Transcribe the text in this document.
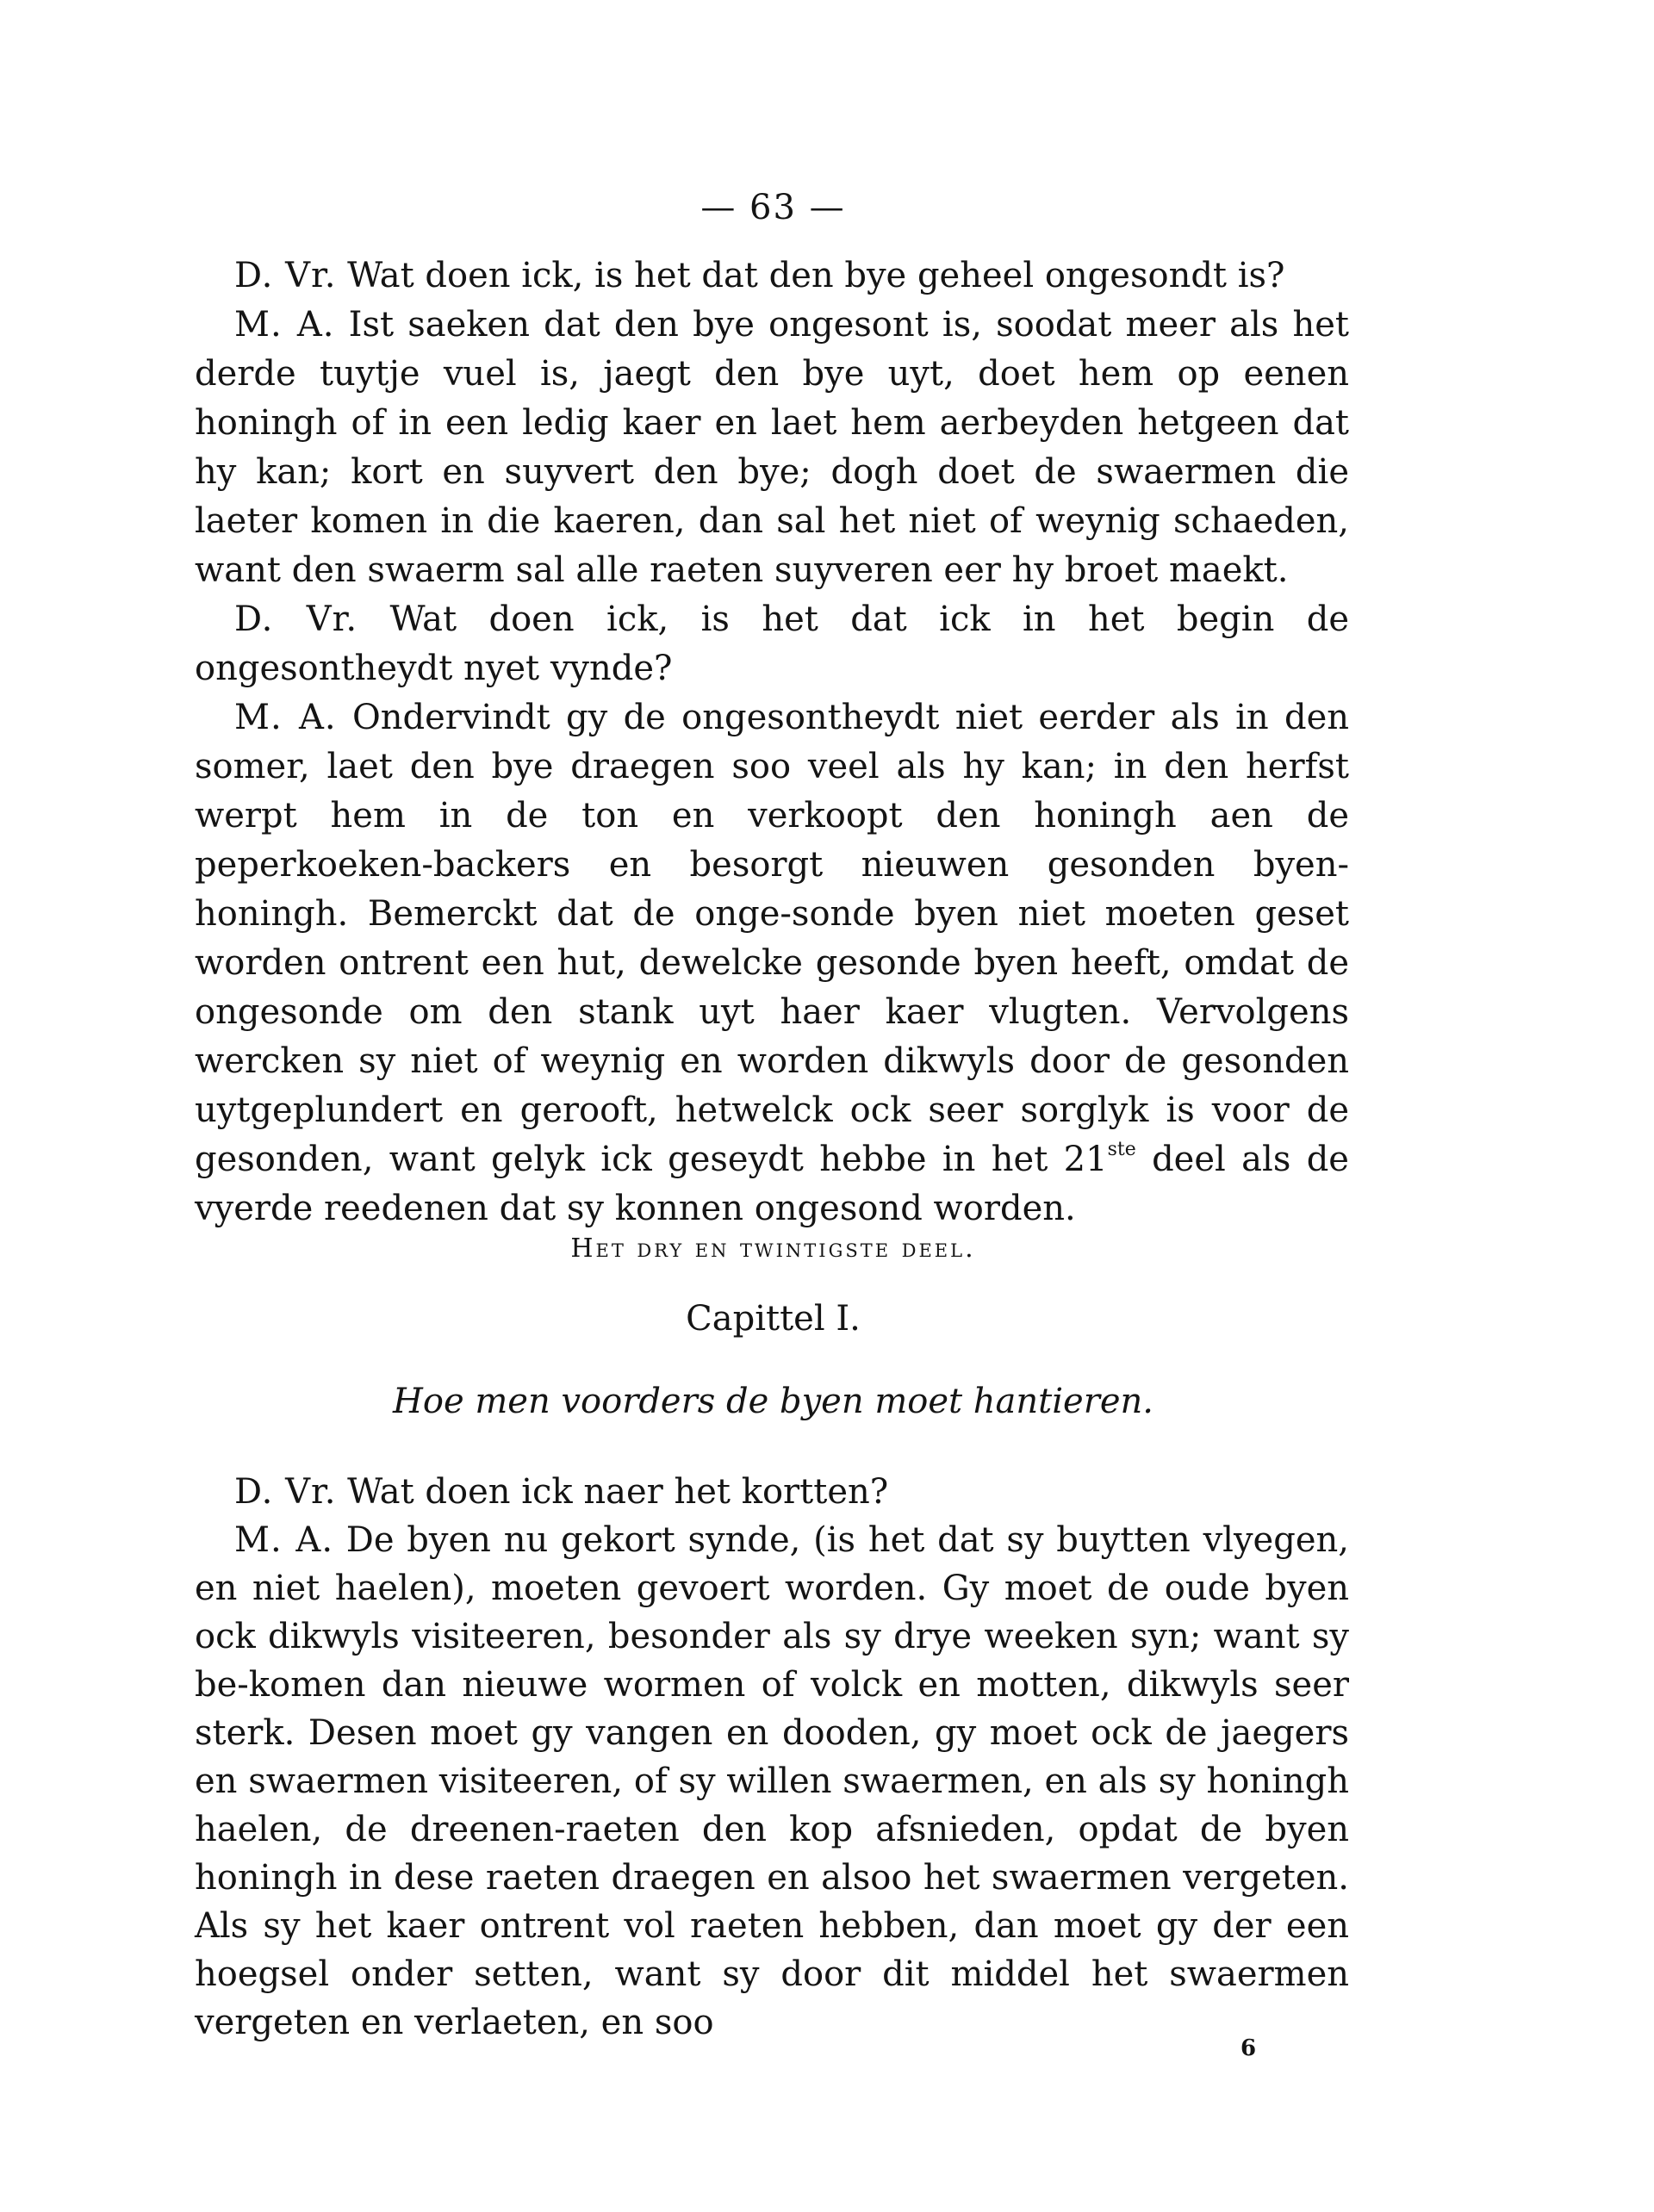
— 63 —

D. Vr. Wat doen ick, is het dat den bye geheel ongesondt is?

M. A. Ist saeken dat den bye ongesont is, soodat meer als het derde tuytje vuel is, jaegt den bye uyt, doet hem op eenen honingh of in een ledig kaer en laet hem aerbeyden hetgeen dat hy kan; kort en suyvert den bye; dogh doet de swaermen die laeter komen in die kaeren, dan sal het niet of weynig schaeden, want den swaerm sal alle raeten suyveren eer hy broet maekt.

D. Vr. Wat doen ick, is het dat ick in het begin de ongesontheydt nyet vynde?

M. A. Ondervindt gy de ongesontheydt niet eerder als in den somer, laet den bye draegen soo veel als hy kan; in den herfst werpt hem in de ton en verkoopt den honingh aen de peperkoeken-backers en besorgt nieuwen gesonden byen-honingh. Bemerckt dat de onge-sonde byen niet moeten geset worden ontrent een hut, dewelcke gesonde byen heeft, omdat de ongesonde om den stank uyt haer kaer vlugten. Vervolgens wercken sy niet of weynig en worden dikwyls door de gesonden uytgeplundert en gerooft, hetwelck ock seer sorglyk is voor de gesonden, want gelyk ick geseydt hebbe in het 21ste deel als de vyerde reedenen dat sy konnen ongesond worden.

Het dry en twintigste deel.
Capittel I.
Hoe men voorders de byen moet hantieren.

D. Vr. Wat doen ick naer het kortten?

M. A. De byen nu gekort synde, (is het dat sy buytten vlyegen, en niet haelen), moeten gevoert worden. Gy moet de oude byen ock dikwyls visiteeren, besonder als sy drye weeken syn; want sy be-komen dan nieuwe wormen of volck en motten, dikwyls seer sterk. Desen moet gy vangen en dooden, gy moet ock de jaegers en swaermen visiteeren, of sy willen swaermen, en als sy honingh haelen, de dreenen-raeten den kop afsnieden, opdat de byen honingh in dese raeten draegen en alsoo het swaermen vergeten. Als sy het kaer ontrent vol raeten hebben, dan moet gy der een hoegsel onder setten, want sy door dit middel het swaermen vergeten en verlaeten, en soo

6
